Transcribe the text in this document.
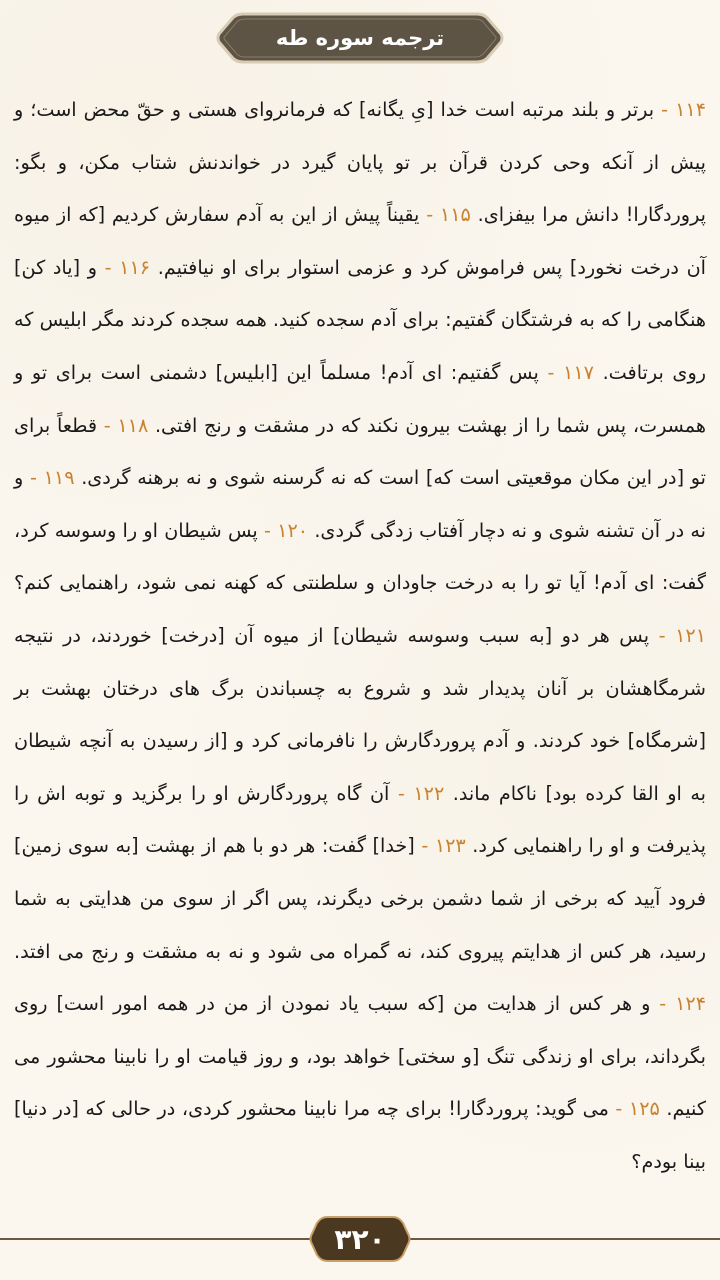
ترجمه سوره طه
۱۱۴ - برتر و بلند مرتبه است خدا [ىِ يگانه] كه فرمانرواى هستى و حقّ محض است؛ و پيش از آنكه وحى كردن قرآن بر تو پايان گيرد در خواندنش شتاب مكن، و بگو: پروردگارا! دانش مرا بيفزاى. ۱۱۵ - يقيناً پيش از اين به آدم سفارش كرديم [كه از ميوه آن درخت نخورد] پس فراموش كرد و عزمى استوار براى او نيافتيم. ۱۱۶ - و [ياد كن] هنگامى را كه به فرشتگان گفتيم: براى آدم سجده كنيد. همه سجده كردند مگر ابليس كه روى برتافت. ۱۱۷ - پس گفتيم: اى آدم! مسلماً اين [ابليس] دشمنى است براى تو و همسرت، پس شما را از بهشت بيرون نكند كه در مشقت و رنج افتى. ۱۱۸ - قطعاً براى تو [در اين مكان موقعيتى است كه] است كه نه گرسنه شوى و نه برهنه گردى. ۱۱۹ - و نه در آن تشنه شوى و نه دچار آفتاب زدگى گردى. ۱۲۰ - پس شيطان او را وسوسه كرد، گفت: اى آدم! آيا تو را به درخت جاودان و سلطنتى كه كهنه نمى شود، راهنمايى كنم؟ ۱۲۱ - پس هر دو [به سبب وسوسه شيطان] از ميوه آن [درخت] خوردند، در نتيجه شرمگاهشان بر آنان پديدار شد و شروع به چسباندن برگ هاى درختان بهشت بر [شرمگاه] خود كردند. و آدم پروردگارش را نافرمانى كرد و [از رسيدن به آنچه شيطان به او القا كرده بود] ناكام ماند. ۱۲۲ - آن گاه پروردگارش او را برگزيد و توبه اش را پذيرفت و او را راهنمايى كرد. ۱۲۳ - [خدا] گفت: هر دو با هم از بهشت [به سوى زمين] فرود آييد كه برخى از شما دشمن برخى ديگرند، پس اگر از سوى من هدايتى به شما رسيد، هر كس از هدايتم پيروى كند، نه گمراه مى شود و نه به مشقت و رنج مى افتد. ۱۲۴ - و هر كس از هدايت من [كه سبب ياد نمودن از من در همه امور است] روى بگرداند، براى او زندگى تنگ [و سختى] خواهد بود، و روز قيامت او را نابينا محشور مى كنيم. ۱۲۵ - مى گويد: پروردگارا! براى چه مرا نابينا محشور كردى، در حالى كه [در دنيا] بينا بودم؟
۳۲۰
